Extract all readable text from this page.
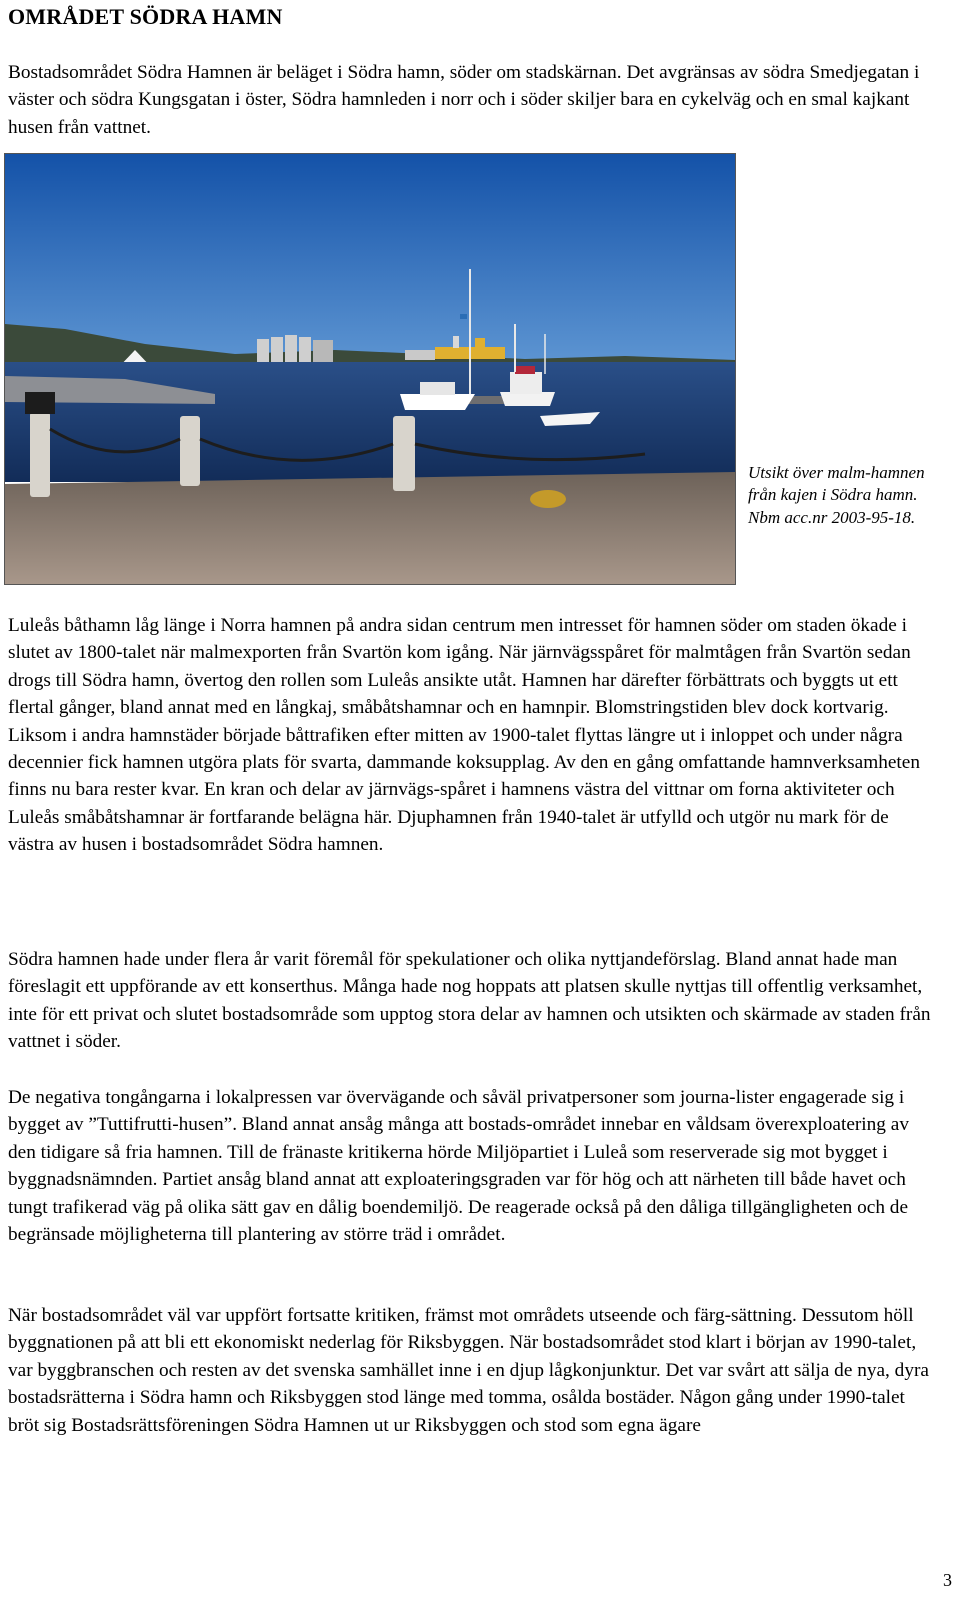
OMRÅDET SÖDRA HAMN

Bostadsområdet Södra Hamnen är beläget i Södra hamn, söder om stadskärnan. Det avgränsas av södra Smedjegatan i väster och södra Kungsgatan i öster, Södra hamnleden i norr och i söder skiljer bara en cykelväg och en smal kajkant husen från vattnet.

Utsikt över malm-hamnen från kajen i Södra hamn. Nbm acc.nr 2003-95-18.

Luleås båthamn låg länge i Norra hamnen på andra sidan centrum men intresset för hamnen söder om staden ökade i slutet av 1800-talet när malmexporten från Svartön kom igång. När järnvägsspåret för malmtågen från Svartön sedan drogs till Södra hamn, övertog den rollen som Luleås ansikte utåt. Hamnen har därefter förbättrats och byggts ut ett flertal gånger, bland annat med en långkaj, småbåtshamnar och en hamnpir. Blomstringstiden blev dock kortvarig. Liksom i andra hamnstäder började båttrafiken efter mitten av 1900-talet flyttas längre ut i inloppet och under några decennier fick hamnen utgöra plats för svarta, dammande koksupplag. Av den en gång omfattande hamnverksamheten finns nu bara rester kvar. En kran och delar av järnvägs-spåret i hamnens västra del vittnar om forna aktiviteter och Luleås småbåtshamnar är fortfarande belägna här. Djuphamnen från 1940-talet är utfylld och utgör nu mark för de västra av husen i bostadsområdet Södra hamnen.

Södra hamnen hade under flera år varit föremål för spekulationer och olika nyttjandeförslag. Bland annat hade man föreslagit ett uppförande av ett konserthus. Många hade nog hoppats att platsen skulle nyttjas till offentlig verksamhet, inte för ett privat och slutet bostadsområde som upptog stora delar av hamnen och utsikten och skärmade av staden från vattnet i söder.

De negativa tongångarna i lokalpressen var övervägande och såväl privatpersoner som journa-lister engagerade sig i bygget av ”Tuttifrutti-husen”. Bland annat ansåg många att bostads-området innebar en våldsam överexploatering av den tidigare så fria hamnen. Till de fränaste kritikerna hörde Miljöpartiet i Luleå som reserverade sig mot bygget i byggnadsnämnden. Partiet ansåg bland annat att exploateringsgraden var för hög och att närheten till både havet och tungt trafikerad väg på olika sätt gav en dålig boendemiljö. De reagerade också på den dåliga tillgängligheten och de begränsade möjligheterna till plantering av större träd i området.

När bostadsområdet väl var uppfört fortsatte kritiken, främst mot områdets utseende och färg-sättning. Dessutom höll byggnationen på att bli ett ekonomiskt nederlag för Riksbyggen. När bostadsområdet stod klart i början av 1990-talet, var byggbranschen och resten av det svenska samhället inne i en djup lågkonjunktur. Det var svårt att sälja de nya, dyra bostadsrätterna i Södra hamn och Riksbyggen stod länge med tomma, osålda bostäder. Någon gång under 1990-talet bröt sig Bostadsrättsföreningen Södra Hamnen ut ur Riksbyggen och stod som egna ägare

3
